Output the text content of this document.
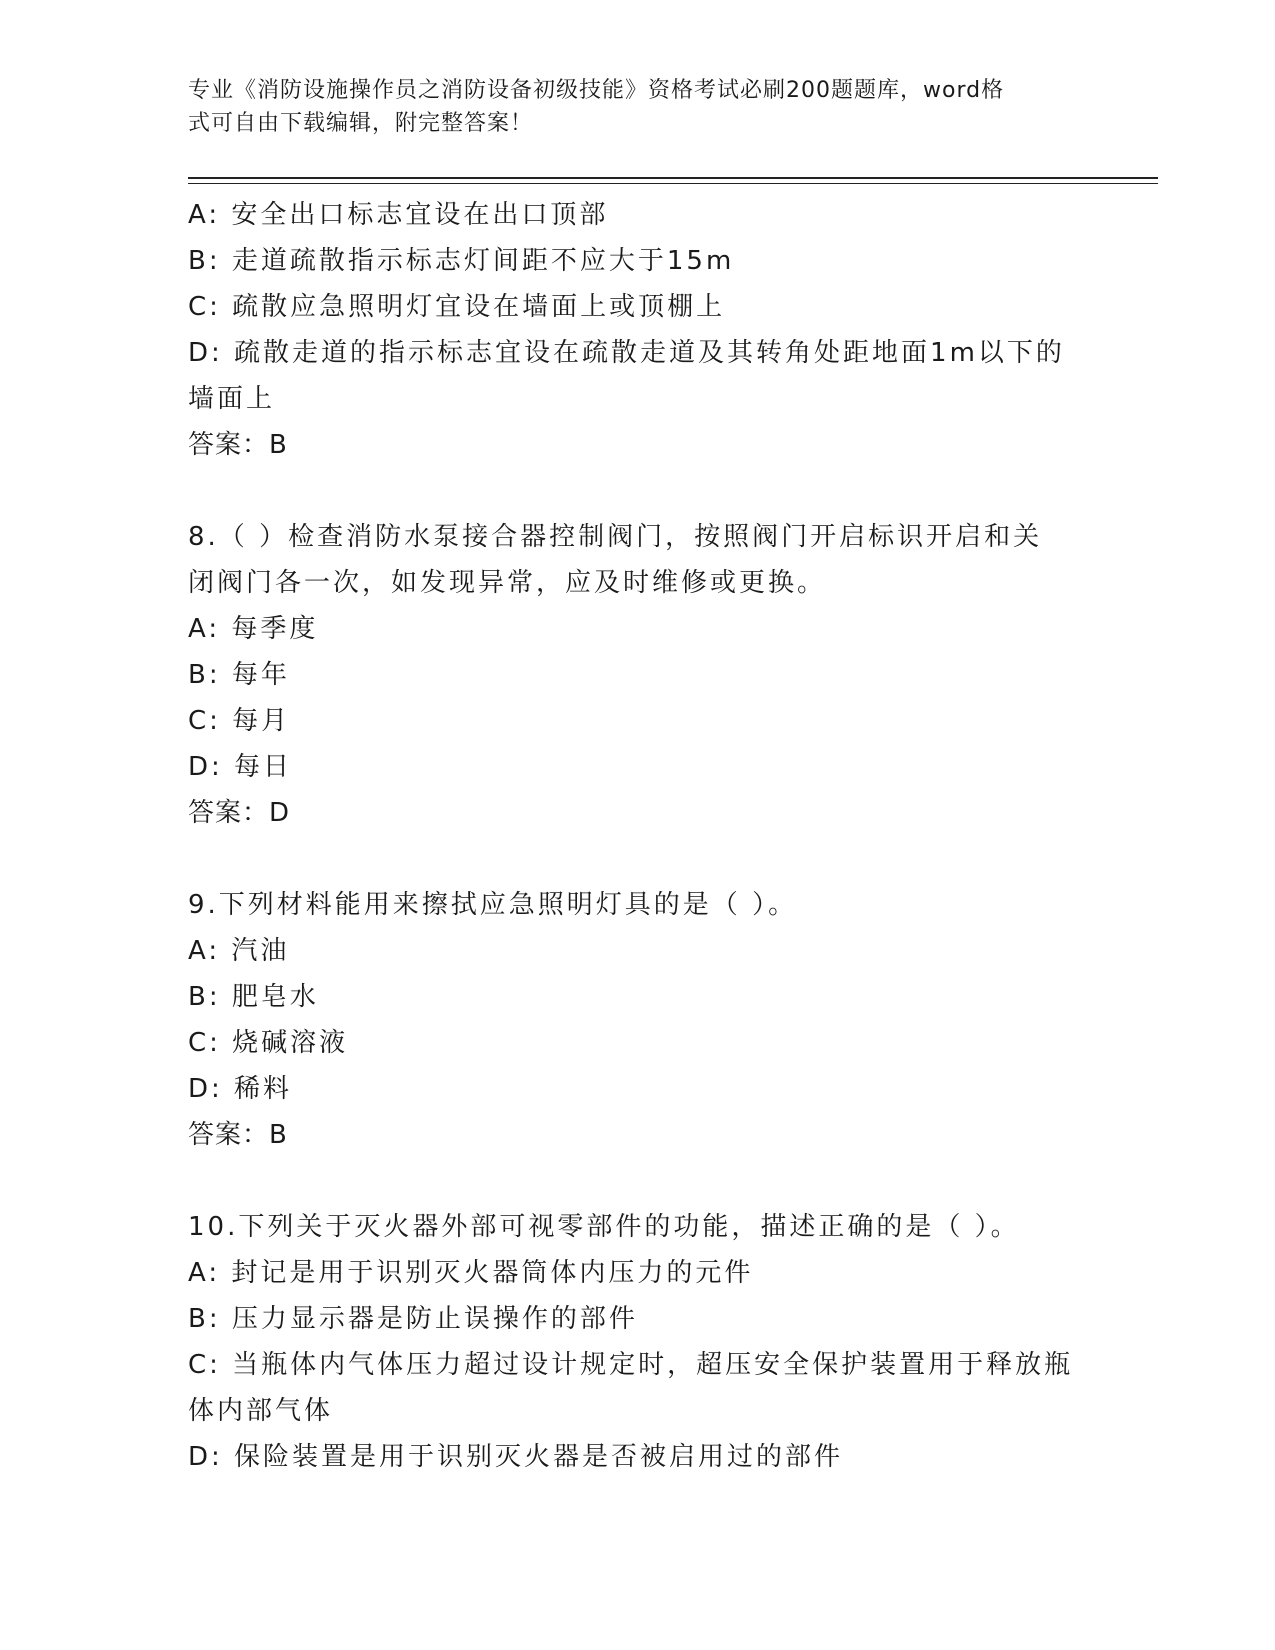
专业《消防设施操作员之消防设备初级技能》资格考试必刷200题题库，word格
式可自由下载编辑，附完整答案！
A: 安全出口标志宜设在出口顶部
B: 走道疏散指示标志灯间距不应大于15m
C: 疏散应急照明灯宜设在墙面上或顶棚上
D: 疏散走道的指示标志宜设在疏散走道及其转角处距地面1m以下的
墙面上
答案：B
8.（ ）检查消防水泵接合器控制阀门，按照阀门开启标识开启和关
闭阀门各一次，如发现异常，应及时维修或更换。
A: 每季度
B: 每年
C: 每月
D: 每日
答案：D
9.下列材料能用来擦拭应急照明灯具的是（ ）。
A: 汽油
B: 肥皂水
C: 烧碱溶液
D: 稀料
答案：B
10.下列关于灭火器外部可视零部件的功能，描述正确的是（ ）。
A: 封记是用于识别灭火器筒体内压力的元件
B: 压力显示器是防止误操作的部件
C: 当瓶体内气体压力超过设计规定时，超压安全保护装置用于释放瓶
体内部气体
D: 保险装置是用于识别灭火器是否被启用过的部件
